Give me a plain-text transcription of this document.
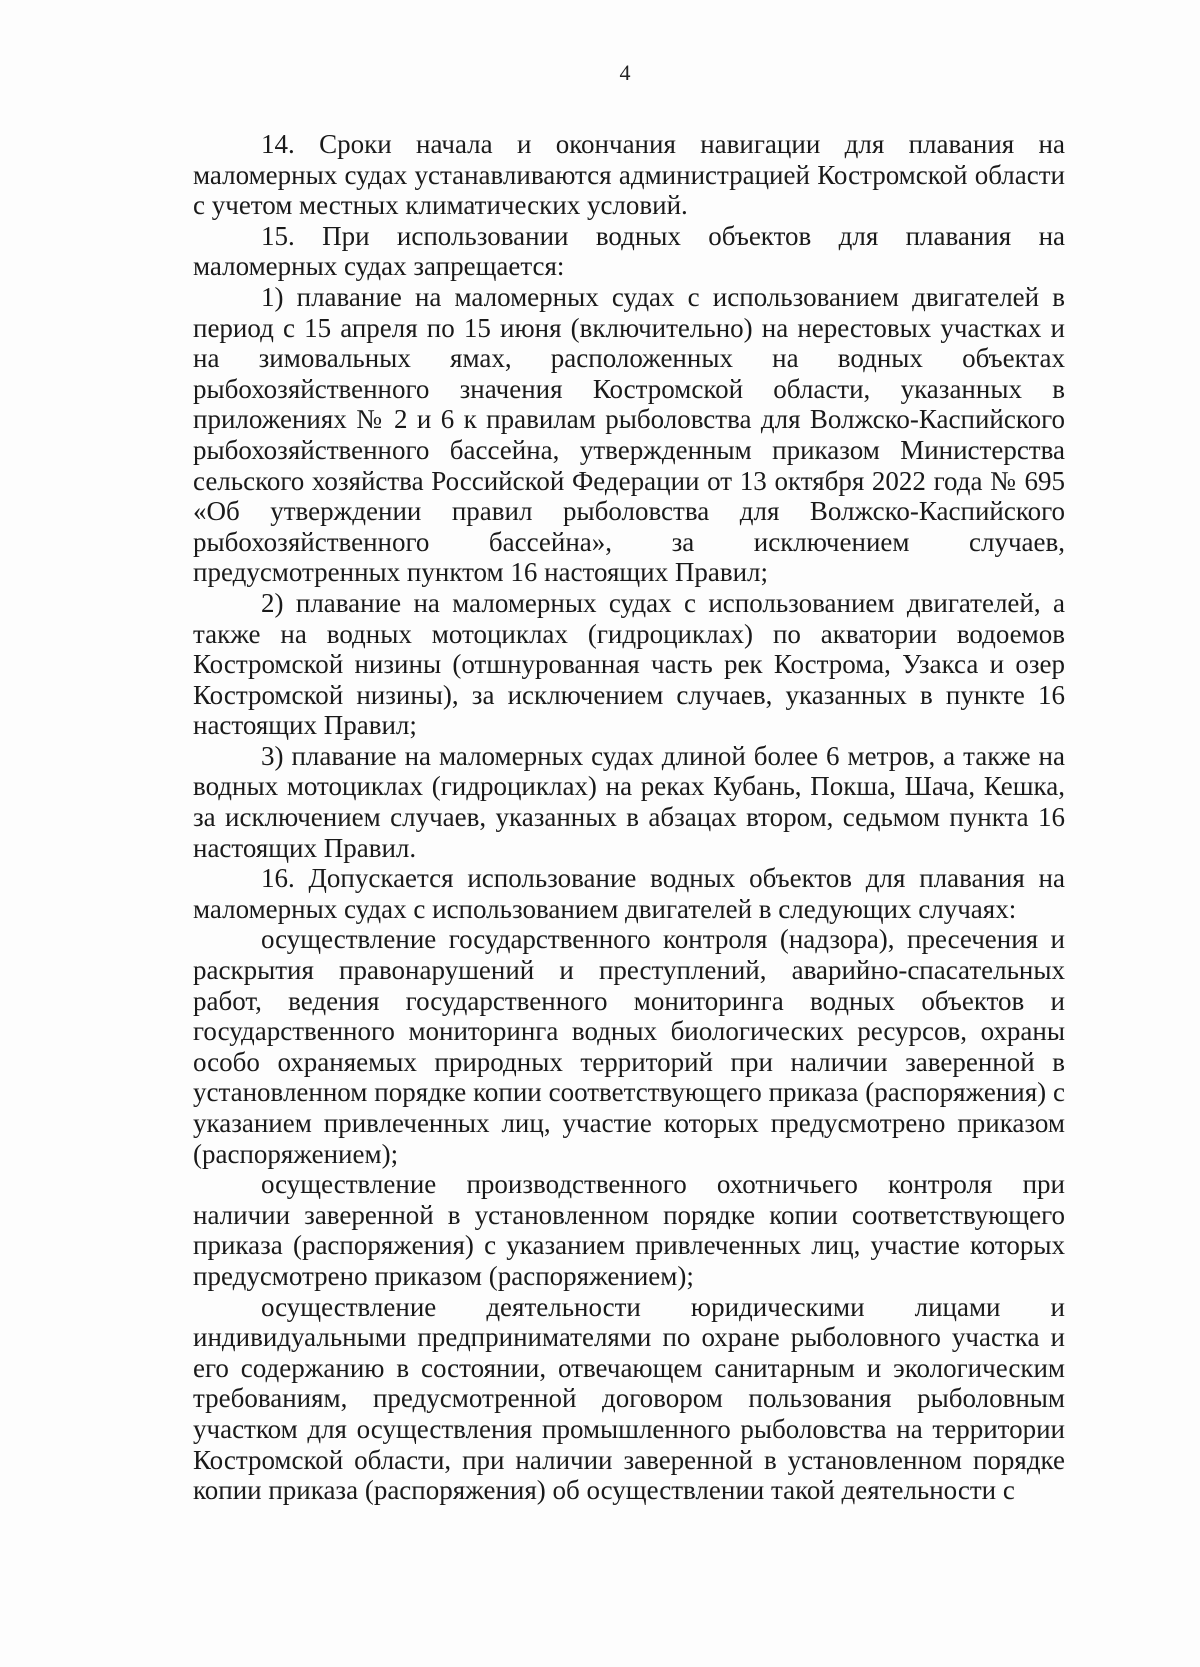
4

14. Сроки начала и окончания навигации для плавания на маломерных судах устанавливаются администрацией Костромской области с учетом местных климатических условий.

15. При использовании водных объектов для плавания на маломерных судах запрещается:

1) плавание на маломерных судах с использованием двигателей в период с 15 апреля по 15 июня (включительно) на нерестовых участках и на зимовальных ямах, расположенных на водных объектах рыбохозяйственного значения Костромской области, указанных в приложениях № 2 и 6 к правилам рыболовства для Волжско-Каспийского рыбохозяйственного бассейна, утвержденным приказом Министерства сельского хозяйства Российской Федерации от 13 октября 2022 года № 695 «Об утверждении правил рыболовства для Волжско-Каспийского рыбохозяйственного бассейна», за исключением случаев, предусмотренных пунктом 16 настоящих Правил;

2) плавание на маломерных судах с использованием двигателей, а также на водных мотоциклах (гидроциклах) по акватории водоемов Костромской низины (отшнурованная часть рек Кострома, Узакса и озер Костромской низины), за исключением случаев, указанных в пункте 16 настоящих Правил;

3) плавание на маломерных судах длиной более 6 метров, а также на водных мотоциклах (гидроциклах) на реках Кубань, Покша, Шача, Кешка, за исключением случаев, указанных в абзацах втором, седьмом пункта 16 настоящих Правил.

16. Допускается использование водных объектов для плавания на маломерных судах с использованием двигателей в следующих случаях:

осуществление государственного контроля (надзора), пресечения и раскрытия правонарушений и преступлений, аварийно-спасательных работ, ведения государственного мониторинга водных объектов и государственного мониторинга водных биологических ресурсов, охраны особо охраняемых природных территорий при наличии заверенной в установленном порядке копии соответствующего приказа (распоряжения) с указанием привлеченных лиц, участие которых предусмотрено приказом (распоряжением);

осуществление производственного охотничьего контроля при наличии заверенной в установленном порядке копии соответствующего приказа (распоряжения) с указанием привлеченных лиц, участие которых предусмотрено приказом (распоряжением);

осуществление деятельности юридическими лицами и индивидуальными предпринимателями по охране рыболовного участка и его содержанию в состоянии, отвечающем санитарным и экологическим требованиям, предусмотренной договором пользования рыболовным участком для осуществления промышленного рыболовства на территории Костромской области, при наличии заверенной в установленном порядке копии приказа (распоряжения) об осуществлении такой деятельности с
